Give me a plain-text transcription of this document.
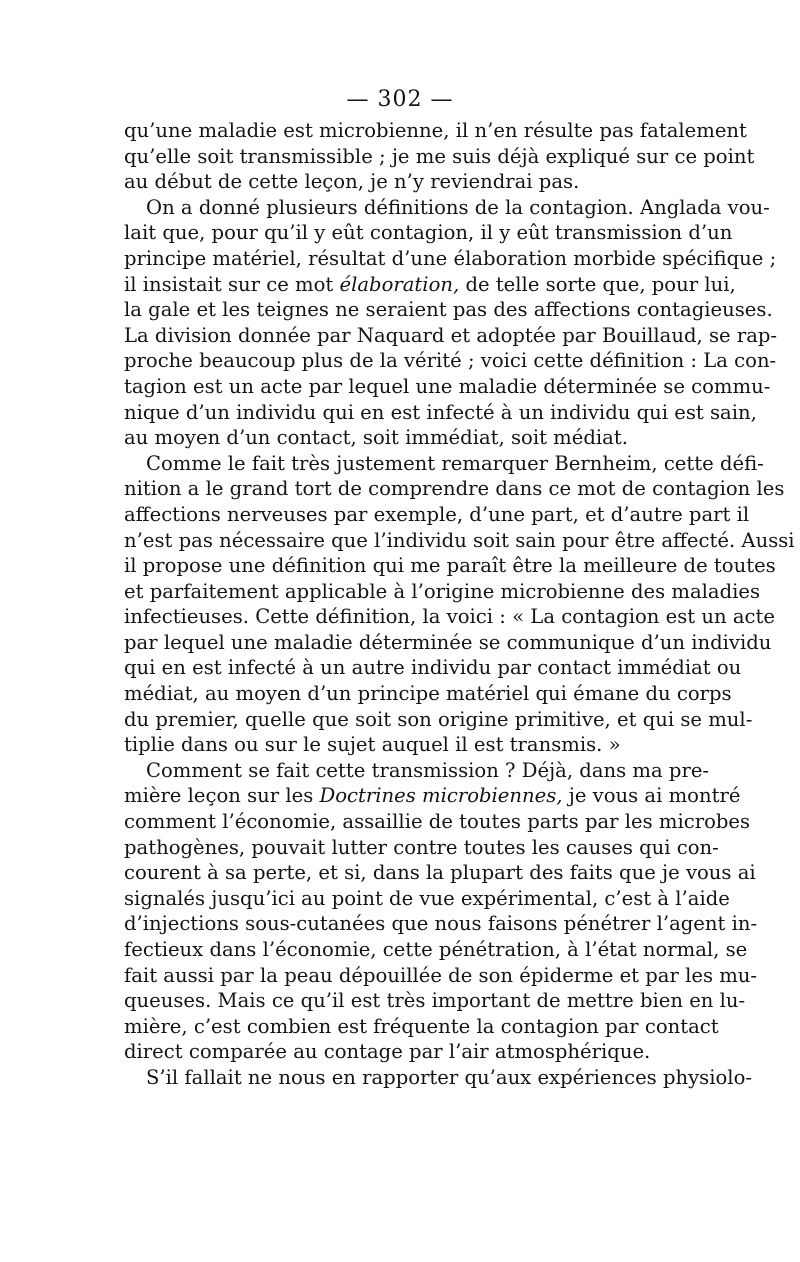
— 302 —
qu’une maladie est microbienne, il n’en résulte pas fatalement
qu’elle soit transmissible ; je me suis déjà expliqué sur ce point
au début de cette leçon, je n’y reviendrai pas.
On a donné plusieurs définitions de la contagion. Anglada vou-
lait que, pour qu’il y eût contagion, il y eût transmission d’un
principe matériel, résultat d’une élaboration morbide spécifique ;
il insistait sur ce mot élaboration, de telle sorte que, pour lui,
la gale et les teignes ne seraient pas des affections contagieuses.
La division donnée par Naquard et adoptée par Bouillaud, se rap-
proche beaucoup plus de la vérité ; voici cette définition : La con-
tagion est un acte par lequel une maladie déterminée se commu-
nique d’un individu qui en est infecté à un individu qui est sain,
au moyen d’un contact, soit immédiat, soit médiat.
Comme le fait très justement remarquer Bernheim, cette défi-
nition a le grand tort de comprendre dans ce mot de contagion les
affections nerveuses par exemple, d’une part, et d’autre part il
n’est pas nécessaire que l’individu soit sain pour être affecté. Aussi
il propose une définition qui me paraît être la meilleure de toutes
et parfaitement applicable à l’origine microbienne des maladies
infectieuses. Cette définition, la voici : « La contagion est un acte
par lequel une maladie déterminée se communique d’un individu
qui en est infecté à un autre individu par contact immédiat ou
médiat, au moyen d’un principe matériel qui émane du corps
du premier, quelle que soit son origine primitive, et qui se mul-
tiplie dans ou sur le sujet auquel il est transmis. »
Comment se fait cette transmission ? Déjà, dans ma pre-
mière leçon sur les Doctrines microbiennes, je vous ai montré
comment l’économie, assaillie de toutes parts par les microbes
pathogènes, pouvait lutter contre toutes les causes qui con-
courent à sa perte, et si, dans la plupart des faits que je vous ai
signalés jusqu’ici au point de vue expérimental, c’est à l’aide
d’injections sous-cutanées que nous faisons pénétrer l’agent in-
fectieux dans l’économie, cette pénétration, à l’état normal, se
fait aussi par la peau dépouillée de son épiderme et par les mu-
queuses. Mais ce qu’il est très important de mettre bien en lu-
mière, c’est combien est fréquente la contagion par contact
direct comparée au contage par l’air atmosphérique.
S’il fallait ne nous en rapporter qu’aux expériences physiolo-
